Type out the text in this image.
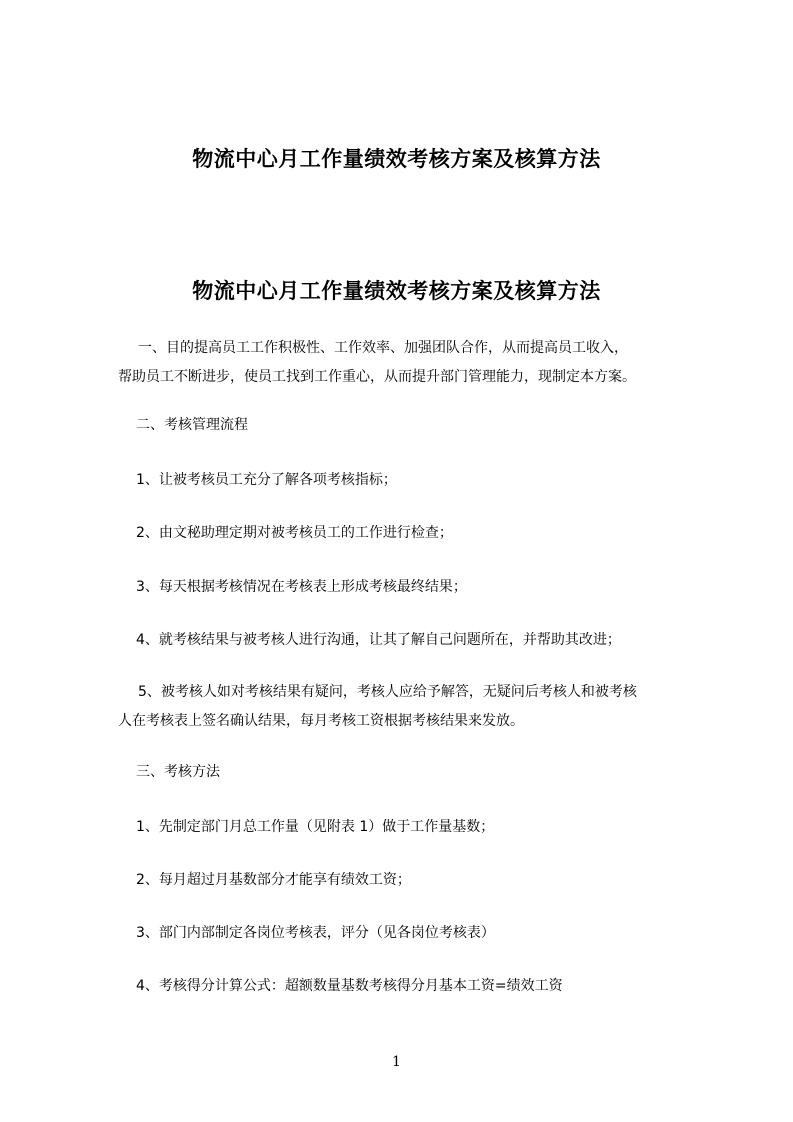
物流中心月工作量绩效考核方案及核算方法
物流中心月工作量绩效考核方案及核算方法
一、目的提高员工工作积极性、工作效率、加强团队合作，从而提高员工收入，
帮助员工不断进步，使员工找到工作重心，从而提升部门管理能力，现制定本方案。
二、考核管理流程
1、让被考核员工充分了解各项考核指标；
2、由文秘助理定期对被考核员工的工作进行检查；
3、每天根据考核情况在考核表上形成考核最终结果；
4、就考核结果与被考核人进行沟通，让其了解自己问题所在，并帮助其改进；
5、被考核人如对考核结果有疑问，考核人应给予解答，无疑问后考核人和被考核
人在考核表上签名确认结果，每月考核工资根据考核结果来发放。
三、考核方法
1、先制定部门月总工作量（见附表 1）做于工作量基数；
2、每月超过月基数部分才能享有绩效工资；
3、部门内部制定各岗位考核表，评分（见各岗位考核表）
4、考核得分计算公式：超额数量基数考核得分月基本工资=绩效工资
1
